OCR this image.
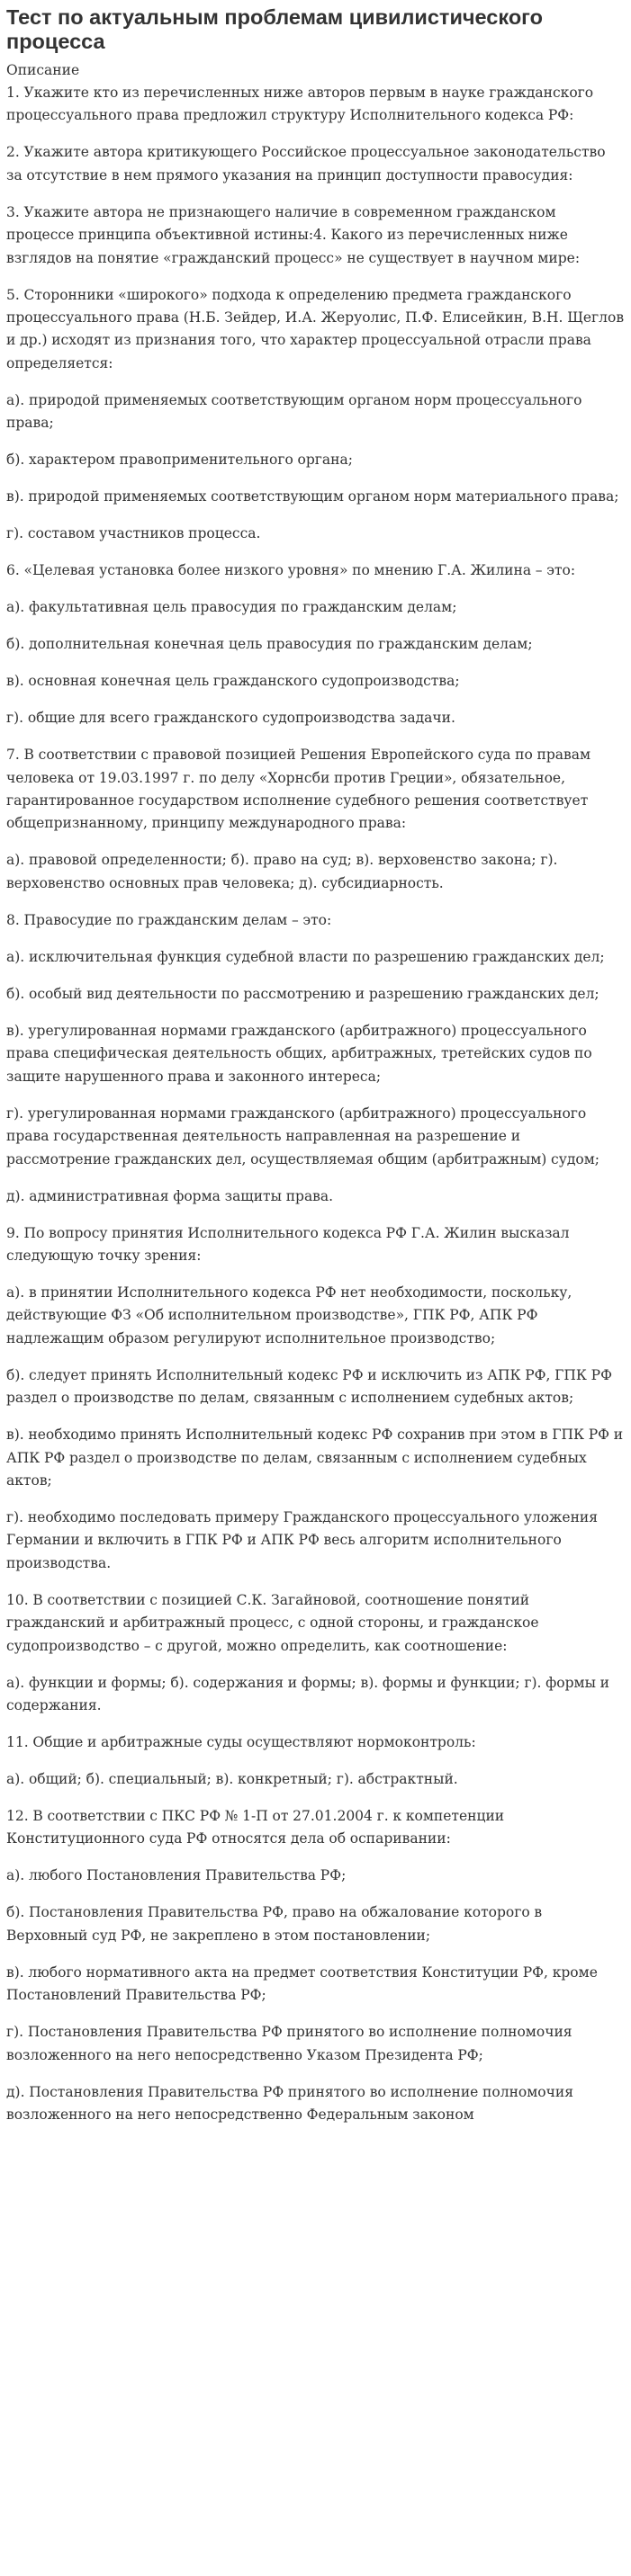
Тест по актуальным проблемам цивилистического процесса
Описание

1. Укажите кто из перечисленных ниже авторов первым в науке гражданского процессуального права предложил структуру Исполнительного кодекса РФ:

2. Укажите автора критикующего Российское процессуальное законодательство за отсутствие в нем прямого указания на принцип доступности правосудия:

3. Укажите автора не признающего наличие в современном гражданском процессе принципа объективной истины:4. Какого из перечисленных ниже взглядов на понятие «гражданский процесс» не существует в научном мире:

5. Сторонники «широкого» подхода к определению предмета гражданского процессуального права (Н.Б. Зейдер, И.А. Жеруолис, П.Ф. Елисейкин, В.Н. Щеглов и др.) исходят из признания того, что характер процессуальной отрасли права определяется:

а). природой применяемых соответствующим органом норм процессуального права;

б). характером правоприменительного органа;

в). природой применяемых соответствующим органом норм материального права;

г). составом участников процесса.

6. «Целевая установка более низкого уровня» по мнению Г.А. Жилина – это:

а). факультативная цель правосудия по гражданским делам;

б). дополнительная конечная цель правосудия по гражданским делам;

в). основная конечная цель гражданского судопроизводства;

г). общие для всего гражданского судопроизводства задачи.

7. В соответствии с правовой позицией Решения Европейского суда по правам человека от 19.03.1997 г. по делу «Хорнсби против Греции», обязательное, гарантированное государством исполнение судебного решения соответствует общепризнанному, принципу международного права:

а). правовой определенности; б). право на суд; в). верховенство закона; г). верховенство основных прав человека; д). субсидиарность.

8. Правосудие по гражданским делам – это:

а). исключительная функция судебной власти по разрешению гражданских дел;

б). особый вид деятельности по рассмотрению и разрешению гражданских дел;

в). урегулированная нормами гражданского (арбитражного) процессуального права специфическая деятельность общих, арбитражных, третейских судов по защите нарушенного права и законного интереса;

г). урегулированная нормами гражданского (арбитражного) процессуального права государственная деятельность направленная на разрешение и рассмотрение гражданских дел, осуществляемая общим (арбитражным) судом;

д). административная форма защиты права.

9. По вопросу принятия Исполнительного кодекса РФ Г.А. Жилин высказал следующую точку зрения:

а). в принятии Исполнительного кодекса РФ нет необходимости, поскольку, действующие ФЗ «Об исполнительном производстве», ГПК РФ, АПК РФ надлежащим образом регулируют исполнительное производство;

б). следует принять Исполнительный кодекс РФ и исключить из АПК РФ, ГПК РФ раздел о производстве по делам, связанным с исполнением судебных актов;

в). необходимо принять Исполнительный кодекс РФ сохранив при этом в ГПК РФ и АПК РФ раздел о производстве по делам, связанным с исполнением судебных актов;

г). необходимо последовать примеру Гражданского процессуального уложения Германии и включить в ГПК РФ и АПК РФ весь алгоритм исполнительного производства.

10. В соответствии с позицией С.К. Загайновой, соотношение понятий гражданский и арбитражный процесс, с одной стороны, и гражданское судопроизводство – с другой, можно определить, как соотношение:

а). функции и формы; б). содержания и формы; в). формы и функции; г). формы и содержания.

11. Общие и арбитражные суды осуществляют нормоконтроль:

а). общий; б). специальный; в). конкретный; г). абстрактный.

12. В соответствии с ПКС РФ № 1-П от 27.01.2004 г. к компетенции Конституционного суда РФ относятся дела об оспаривании:

а). любого Постановления Правительства РФ;

б). Постановления Правительства РФ, право на обжалование которого в Верховный суд РФ, не закреплено в этом постановлении;

в). любого нормативного акта на предмет соответствия Конституции РФ, кроме Постановлений Правительства РФ;

г). Постановления Правительства РФ принятого во исполнение полномочия возложенного на него непосредственно Указом Президента РФ;

д). Постановления Правительства РФ принятого во исполнение полномочия возложенного на него непосредственно Федеральным законом
